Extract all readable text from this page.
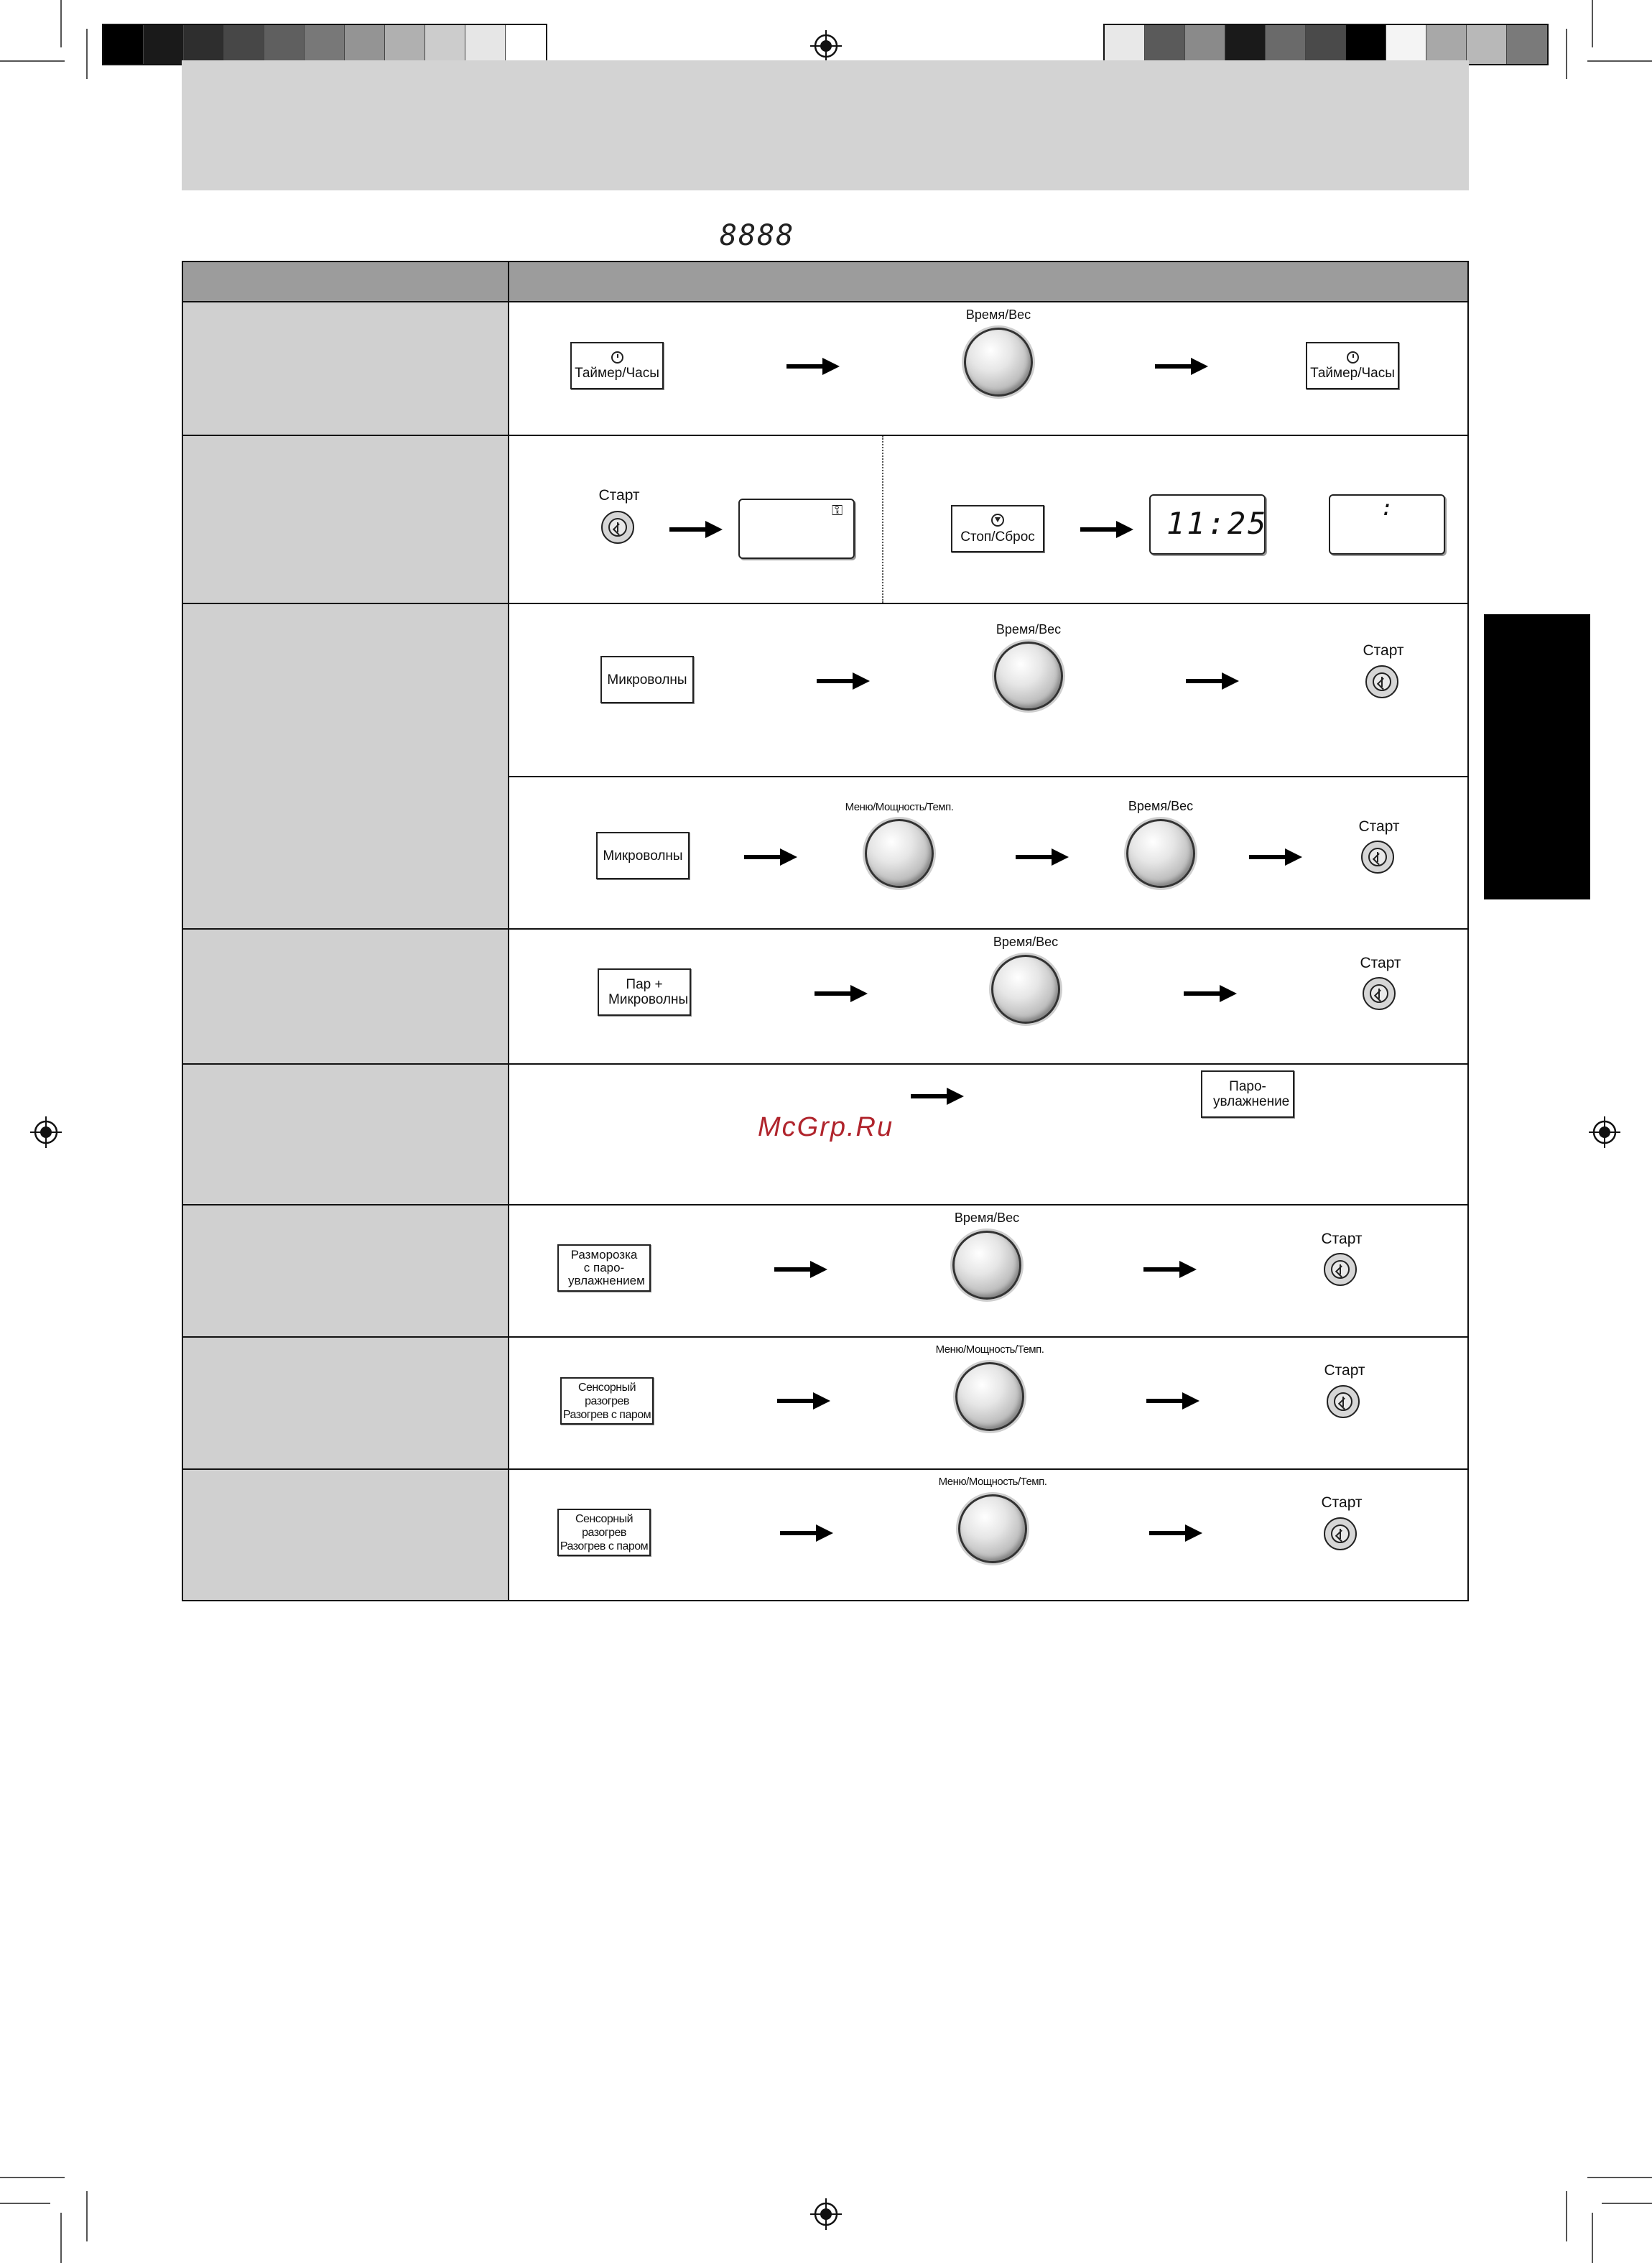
8888
Таймер/Часы
Время/Вес
Таймер/Часы
Старт
⚿
Стоп/Сброс	11:25	:
Микроволны
Время/Вес
Старт
Микроволны
Меню/Мощность/Темп.	Время/Вес
Старт
Пар + Микроволны
Время/Вес
Старт
Паро- увлажнение
McGrp.Ru
Разморозка с паро- увлажнением
Время/Вес
Старт
Сенсорный разогрев Разогрев с паром
Меню/Мощность/Темп.
Старт
Сенсорный разогрев Разогрев с паром
Меню/Мощность/Темп.
Старт
